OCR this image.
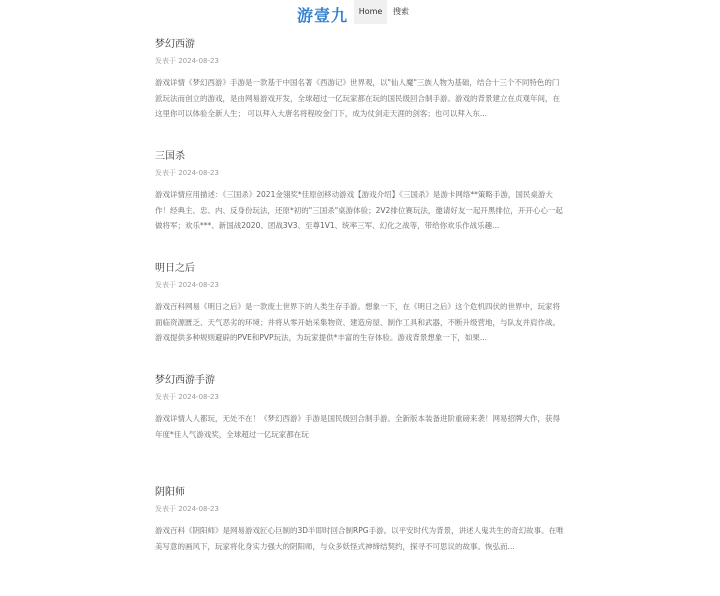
游壹九	Home	搜索
梦幻西游
发表于 2024-08-23
游戏详情《梦幻西游》手游是一款基于中国名著《西游记》世界观，以"仙人魔"三族人物为基础，结合十三个不同特色的门派玩法而创立的游戏，是由网易游戏开发，全球超过一亿玩家都在玩的国民级回合制手游。游戏的背景建立在贞观年间，在这里你可以体验全新人生； 可以拜入大唐名将程咬金门下，成为仗剑走天涯的剑客；也可以拜入东...
三国杀
发表于 2024-08-23
游戏详情应用描述：《三国杀》2021金翎奖*佳原创移动游戏【游戏介绍】《三国杀》是游卡网络**策略手游，国民桌游大作！经典主、忠、内、反身份玩法，还原*初的"三国杀"桌游体验；2V2排位赛玩法，邀请好友一起开黑排位，开开心心一起做将军；欢乐***、新国战2020、团战3V3、至尊1V1、统率三军、幻化之战等，带给你欢乐作战乐趣...
明日之后
发表于 2024-08-23
游戏百科网易《明日之后》是一款废土世界下的人类生存手游。想象一下，在《明日之后》这个危机四伏的世界中，玩家将面临资源匮乏、天气恶劣的环境；并将从零开始采集物资、建造房屋、制作工具和武器，不断升级营地，与队友并肩作战。游戏提供多种规则避辟的PVE和PVP玩法，为玩家提供*丰富的生存体验。游戏背景想象一下，如果...
梦幻西游手游
发表于 2024-08-23
游戏详情人人都玩，无处不在！《梦幻西游》手游是国民级回合制手游。全新版本装备进阶重磅来袭！网易招牌大作，获得年度*佳人气游戏奖，全球超过一亿玩家都在玩
阴阳师
发表于 2024-08-23
游戏百科《阴阳师》是网易游戏匠心巨制的3D半即时回合制RPG手游。以平安时代为背景，讲述人鬼共生的奇幻故事。在唯美写意的画风下，玩家将化身实力强大的阴阳师，与众多妖怪式神缔结契约，探寻不可思议的故事。恢弘而...
